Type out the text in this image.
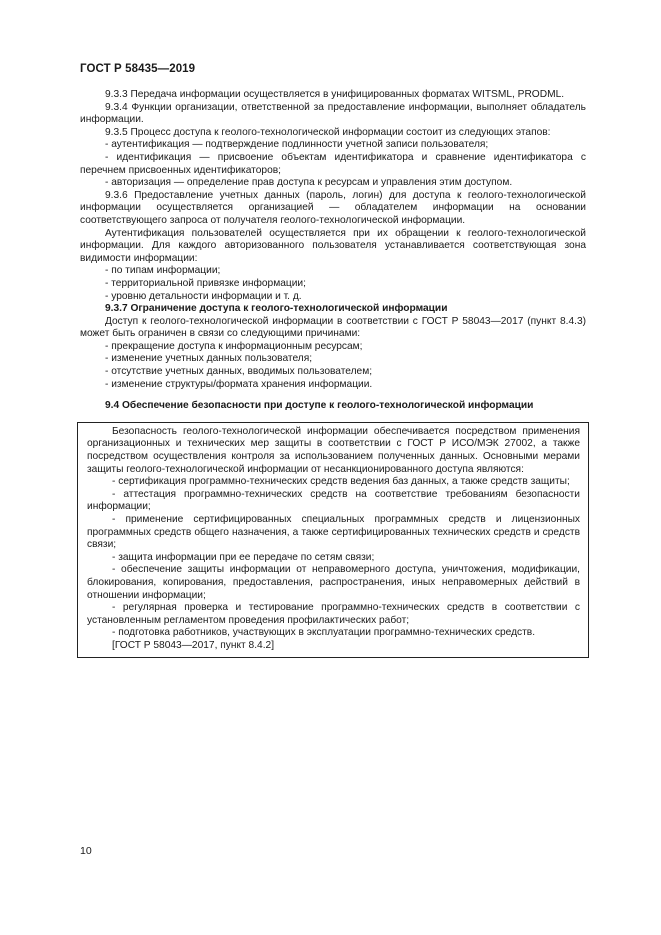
ГОСТ Р 58435—2019

9.3.3 Передача информации осуществляется в унифицированных форматах WITSML, PRODML.

9.3.4 Функции организации, ответственной за предоставление информации, выполняет обладатель информации.

9.3.5 Процесс доступа к геолого-технологической информации состоит из следующих этапов:

- аутентификация — подтверждение подлинности учетной записи пользователя;

- идентификация — присвоение объектам идентификатора и сравнение идентификатора с перечнем присвоенных идентификаторов;

- авторизация — определение прав доступа к ресурсам и управления этим доступом.

9.3.6 Предоставление учетных данных (пароль, логин) для доступа к геолого-технологической информации осуществляется организацией — обладателем информации на основании соответствующего запроса от получателя геолого-технологической информации.

Аутентификация пользователей осуществляется при их обращении к геолого-технологической информации. Для каждого авторизованного пользователя устанавливается соответствующая зона видимости информации:

- по типам информации;

- территориальной привязке информации;

- уровню детальности информации и т. д.

9.3.7 Ограничение доступа к геолого-технологической информации

Доступ к геолого-технологической информации в соответствии с ГОСТ Р 58043—2017 (пункт 8.4.3) может быть ограничен в связи со следующими причинами:

- прекращение доступа к информационным ресурсам;

- изменение учетных данных пользователя;

- отсутствие учетных данных, вводимых пользователем;

- изменение структуры/формата хранения информации.

9.4 Обеспечение безопасности при доступе к геолого-технологической информации

Безопасность геолого-технологической информации обеспечивается посредством применения организационных и технических мер защиты в соответствии с ГОСТ Р ИСО/МЭК 27002, а также посредством осуществления контроля за использованием полученных данных. Основными мерами защиты геолого-технологической информации от несанкционированного доступа являются:

- сертификация программно-технических средств ведения баз данных, а также средств защиты;

- аттестация программно-технических средств на соответствие требованиям безопасности информации;

- применение сертифицированных специальных программных средств и лицензионных программных средств общего назначения, а также сертифицированных технических средств и средств связи;

- защита информации при ее передаче по сетям связи;

- обеспечение защиты информации от неправомерного доступа, уничтожения, модификации, блокирования, копирования, предоставления, распространения, иных неправомерных действий в отношении информации;

- регулярная проверка и тестирование программно-технических средств в соответствии с установленным регламентом проведения профилактических работ;

- подготовка работников, участвующих в эксплуатации программно-технических средств.

[ГОСТ Р 58043—2017, пункт 8.4.2]

10
